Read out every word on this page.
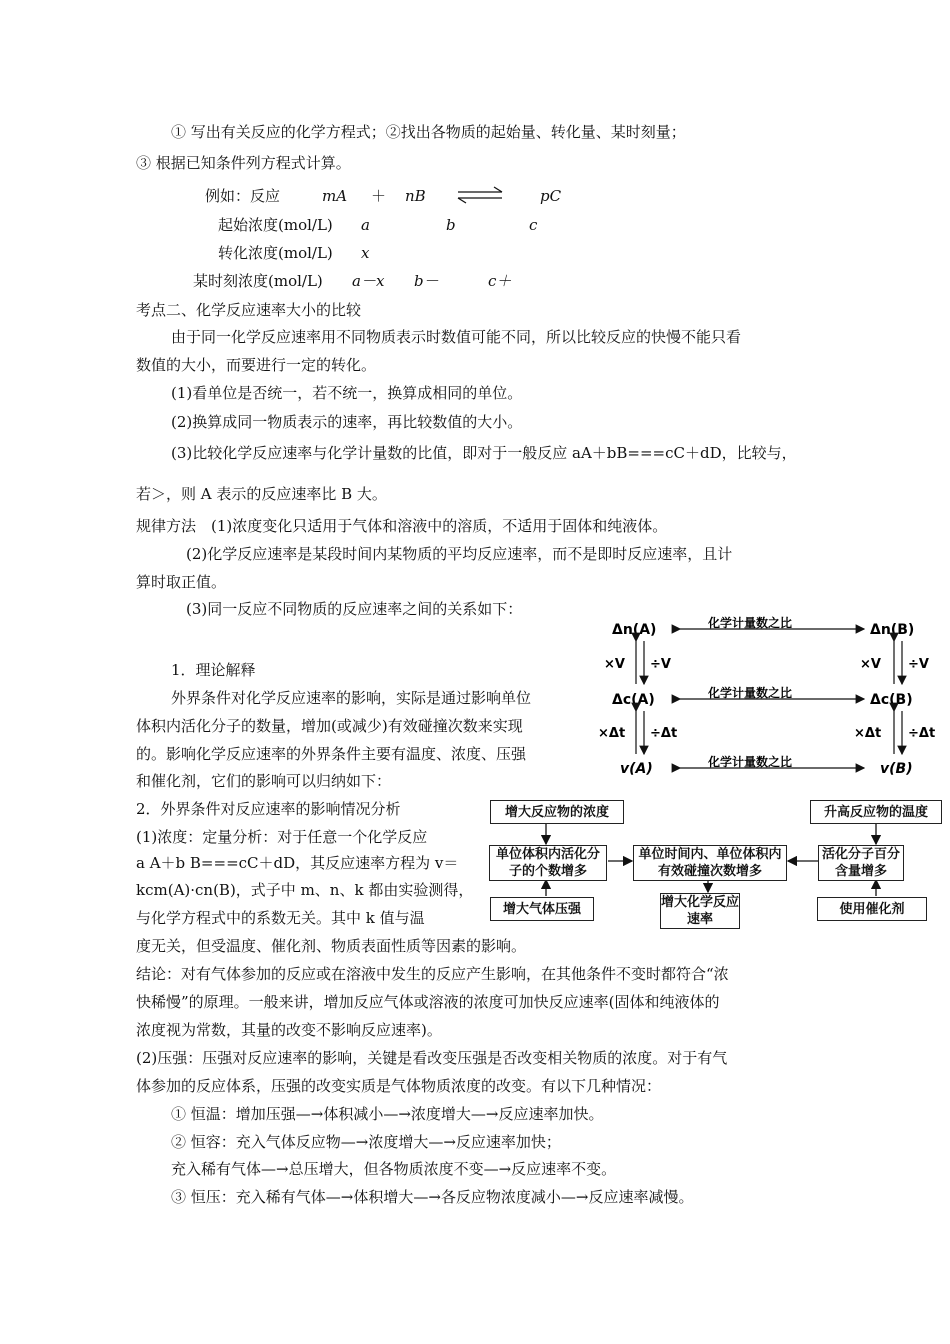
① 写出有关反应的化学方程式；②找出各物质的起始量、转化量、某时刻量；
③ 根据已知条件列方程式计算。
例如：反应	mA ＋ nB	pC
起始浓度(mol/L) a	b	c
转化浓度(mol/L) x
某时刻浓度(mol/L) a－x b－	c＋
考点二、化学反应速率大小的比较
由于同一化学反应速率用不同物质表示时数值可能不同，所以比较反应的快慢不能只看
数值的大小，而要进行一定的转化。
(1)看单位是否统一，若不统一，换算成相同的单位。
(2)换算成同一物质表示的速率，再比较数值的大小。
(3)比较化学反应速率与化学计量数的比值，即对于一般反应 aA＋bB===cC＋dD，比较与，
若＞，则 A 表示的反应速率比 B 大。
规律方法　(1)浓度变化只适用于气体和溶液中的溶质，不适用于固体和纯液体。
(2)化学反应速率是某段时间内某物质的平均反应速率，而不是即时反应速率，且计
算时取正值。
(3)同一反应不同物质的反应速率之间的关系如下：
Δn(A)	Δn(B)
Δc(A)	Δc(B)
v(A)	v(B)
化学计量数之比
化学计量数之比
化学计量数之比
×V ÷V	×V ÷V
×Δt ÷Δt	×Δt ÷Δt
1．理论解释
外界条件对化学反应速率的影响，实际是通过影响单位
体积内活化分子的数量，增加(或减少)有效碰撞次数来实现
的。影响化学反应速率的外界条件主要有温度、浓度、压强
和催化剂，它们的影响可以归纳如下：
2．外界条件对反应速率的影响情况分析
(1)浓度：定量分析：对于任意一个化学反应
a A＋b B===cC＋dD，其反应速率方程为 v＝
kcm(A)·cn(B)，式子中 m、n、k 都由实验测得，
与化学方程式中的系数无关。其中 k 值与温
度无关，但受温度、催化剂、物质表面性质等因素的影响。
增大反应物的浓度	升高反应物的温度
单位体积内活化分子的个数增多
单位时间内、单位体积内有效碰撞次数增多
活化分子百分含量增多
增大气体压强	增大化学反应速率
使用催化剂
结论：对有气体参加的反应或在溶液中发生的反应产生影响，在其他条件不变时都符合“浓
快稀慢”的原理。一般来讲，增加反应气体或溶液的浓度可加快反应速率(固体和纯液体的
浓度视为常数，其量的改变不影响反应速率)。
(2)压强：压强对反应速率的影响，关键是看改变压强是否改变相关物质的浓度。对于有气
体参加的反应体系，压强的改变实质是气体物质浓度的改变。有以下几种情况：
① 恒温：增加压强—→体积减小—→浓度增大—→反应速率加快。
② 恒容：充入气体反应物—→浓度增大—→反应速率加快；
充入稀有气体—→总压增大，但各物质浓度不变—→反应速率不变。
③ 恒压：充入稀有气体—→体积增大—→各反应物浓度减小—→反应速率减慢。
